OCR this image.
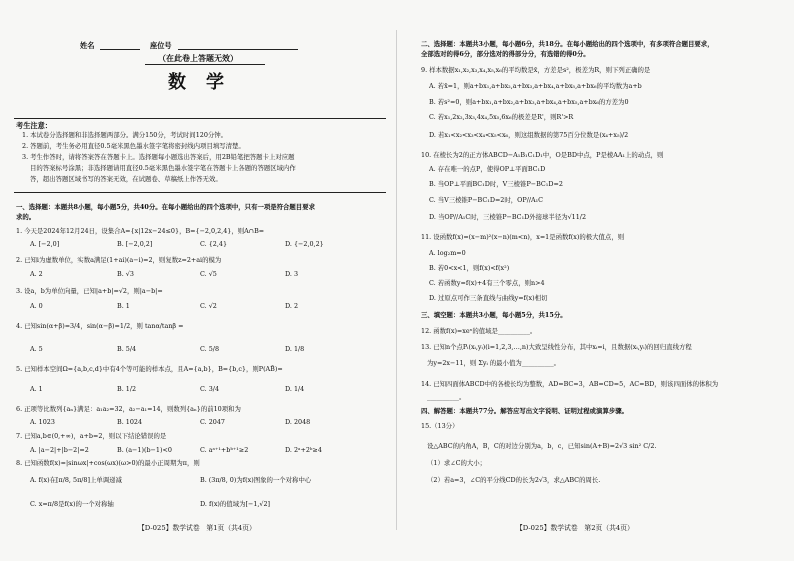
姓名	座位号
（在此卷上答题无效）
数学
考生注意：
1. 本试卷分选择题和非选择题两部分。满分150分，考试时间120分钟。
2. 答题前，考生务必用直径0.5毫米黑色墨水签字笔将密封线内项目填写清楚。
3. 考生作答时，请将答案答在答题卡上。选择题每小题选出答案后，用2B铅笔把答题卡上对应题
目的答案标号涂黑；非选择题请用直径0.5毫米黑色墨水签字笔在答题卡上各题的答题区域内作
答，超出答题区域书写的答案无效，在试题卷、草稿纸上作答无效。
一、选择题：本题共8小题，每小题5分，共40分。在每小题给出的四个选项中，只有一项是符合题目要求
求的。
1. 今天是2024年12月24日，设集合A={x|12x−24≤0}，B={−2,0,2,4}，则A∩B=
A. [−2,0]	B. [−2,0,2]	C. {2,4}	D. {−2,0,2}
2. 已知i为虚数单位，实数a满足(1+ai)(a−i)=2，则复数z=2+ai的模为
A. 2	B. √3	C. √5	D. 3
3. 设a，b为单位向量，已知|a+b|=√2，则|a−b|=
A. 0	B. 1	C. √2	D. 2
4. 已知sin(α+β)=3/4，sin(α−β)=1/2，则 tanα/tanβ =
A. 5	B. 5/4	C. 5/8	D. 1/8
5. 已知样本空间Ω={a,b,c,d}中有4个等可能的样本点，且A={a,b}，B={b,c}，则P(AB̄)=
A. 1	B. 1/2	C. 3/4	D. 1/4
6. 正项等比数列{aₙ}满足：a₁a₂=32，a₂−a₁=14，则数列{aₙ}的前10项和为
A. 1023	B. 1024	C. 2047	D. 2048
7. 已知a,b∈(0,+∞)，a+b=2，则以下结论错误的是
A. |a−2|+|b−2|=2	B. (a−1)(b−1)<0	C. aᵃ⁺¹+bᵇ⁺¹≥2	D. 2ᵃ+2ᵇ≥4
8. 已知函数f(x)=|sinωx|+cos(ωx)(ω>0)的最小正周期为π，则
A. f(x)在[π/8, 5π/8]上单调递减	B. (3π/8, 0)为f(x)图象的一个对称中心
C. x=π/8是f(x)的一个对称轴	D. f(x)的值域为[−1,√2]
【D-025】数学试卷　第1页（共4页）
二、选择题：本题共3小题，每小题6分，共18分。在每小题给出的四个选项中，有多项符合题目要求，
全部选对的得6分，部分选对的得部分分，有选错的得0分。
9. 样本数据x₁,x₂,x₃,x₄,x₅,x₆的平均数是x̄，方差是s²，极差为R，则下列正确的是
A. 若x̄=1，则a+bx₁,a+bx₂,a+bx₃,a+bx₄,a+bx₅,a+bx₆的平均数为a+b
B. 若s²=0，则a+bx₁,a+bx₂,a+bx₃,a+bx₄,a+bx₅,a+bx₆的方差为0
C. 若x₁,2x₂,3x₃,4x₄,5x₅,6x₆的极差是R'，则R'>R
D. 若x₁<x₂<x₃<x₄<x₅<x₆，则这组数据的第75百分位数是(x₄+x₅)/2
10. 在棱长为2的正方体ABCD−A₁B₁C₁D₁中，O是BD中点，P是棱AA₁上的动点，则
A. 存在唯一的点P，使得OP⊥平面BC₁D
B. 当OP⊥平面BC₁D时，V三棱锥P−BC₁D=2
C. 当V三棱锥P−BC₁D=2时，OP//A₁C
D. 当OP//A₁C时，三棱锥P−BC₁D外接球半径为√11/2
11. 设函数f(x)=(x−m)²(x−n)(m<n)，x=1是函数f(x)的极大值点，则
A. log₂m=0
B. 若0<x<1，则f(x)<f(x²)
C. 若函数y=f(x)+4有三个零点，则n>4
D. 过原点可作三条直线与曲线y=f(x)相切
三、填空题：本题共3小题，每小题5分，共15分。
12. 函数f(x)=xeˣ的值域是__________。
13. 已知n个点Pᵢ(xᵢ,yᵢ)(i=1,2,3,…,n)大致呈线性分布，其中xᵢ=i，且数据(xᵢ,yᵢ)的回归直线方程
为y=2x−11，则 Σyᵢ 的最小值为__________。
14. 已知四面体ABCD中的各棱长均为整数，AD=BC=3，AB=CD=5，AC=BD，则该四面体的体积为
__________。
四、解答题：本题共77分。解答应写出文字说明、证明过程或演算步骤。
15.（13分）
设△ABC的内角A，B，C的对边分别为a，b，c，已知sin(A+B)=2√3 sin² C/2.
（1）求∠C的大小；
（2）若a=3，∠C的平分线CD的长为2√3，求△ABC的周长.
【D-025】数学试卷　第2页（共4页）
